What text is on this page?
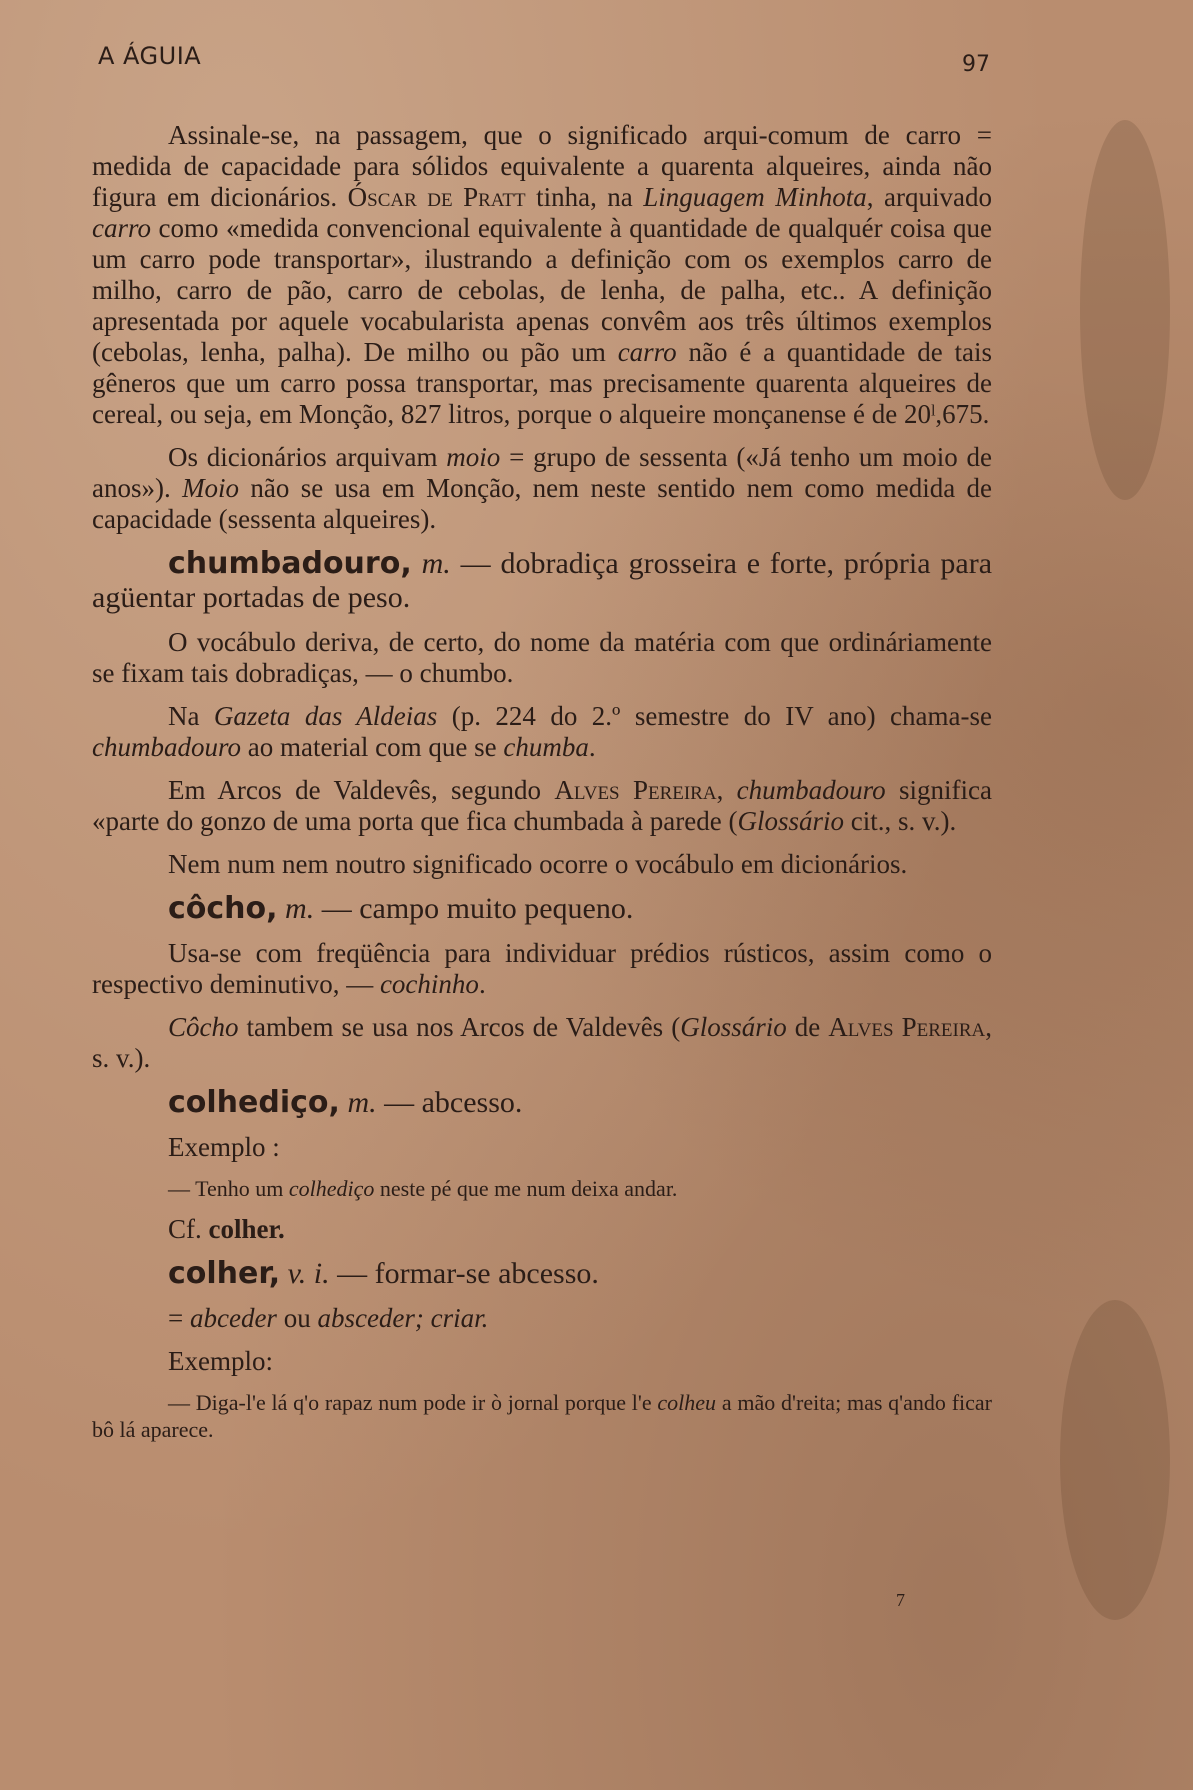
A ÁGUIA	97

Assinale-se, na passagem, que o significado arqui-comum de carro = medida de capacidade para sólidos equivalente a quarenta alqueires, ainda não figura em dicionários. Óscar de Pratt tinha, na Linguagem Minhota, arquivado carro como «medida convencional equivalente à quantidade de qualquér coisa que um carro pode transportar», ilustrando a definição com os exemplos carro de milho, carro de pão, carro de cebolas, de lenha, de palha, etc.. A definição apresentada por aquele vocabularista apenas convêm aos três últimos exemplos (cebolas, lenha, palha). De milho ou pão um carro não é a quantidade de tais gêneros que um carro possa transportar, mas precisamente quarenta alqueires de cereal, ou seja, em Monção, 827 litros, porque o alqueire monçanense é de 20ˡ,675.

Os dicionários arquivam moio = grupo de sessenta («Já tenho um moio de anos»). Moio não se usa em Monção, nem neste sentido nem como medida de capacidade (sessenta alqueires).

chumbadouro, m. — dobradiça grosseira e forte, própria para agüentar portadas de peso.

O vocábulo deriva, de certo, do nome da matéria com que ordináriamente se fixam tais dobradiças, — o chumbo.

Na Gazeta das Aldeias (p. 224 do 2.º semestre do IV ano) chama-se chumbadouro ao material com que se chumba.

Em Arcos de Valdevês, segundo Alves Pereira, chumbadouro significa «parte do gonzo de uma porta que fica chumbada à parede (Glossário cit., s. v.).

Nem num nem noutro significado ocorre o vocábulo em dicionários.

côcho, m. — campo muito pequeno.

Usa-se com freqüência para individuar prédios rústicos, assim como o respectivo deminutivo, — cochinho.

Côcho tambem se usa nos Arcos de Valdevês (Glossário de Alves Pereira, s. v.).

colhediço, m. — abcesso.

Exemplo :

— Tenho um colhediço neste pé que me num deixa andar.

Cf. colher.

colher, v. i. — formar-se abcesso.

= abceder ou absceder; criar.

Exemplo:

— Diga-l'e lá q'o rapaz num pode ir ò jornal porque l'e colheu a mão d'reita; mas q'ando ficar bô lá aparece.

7
